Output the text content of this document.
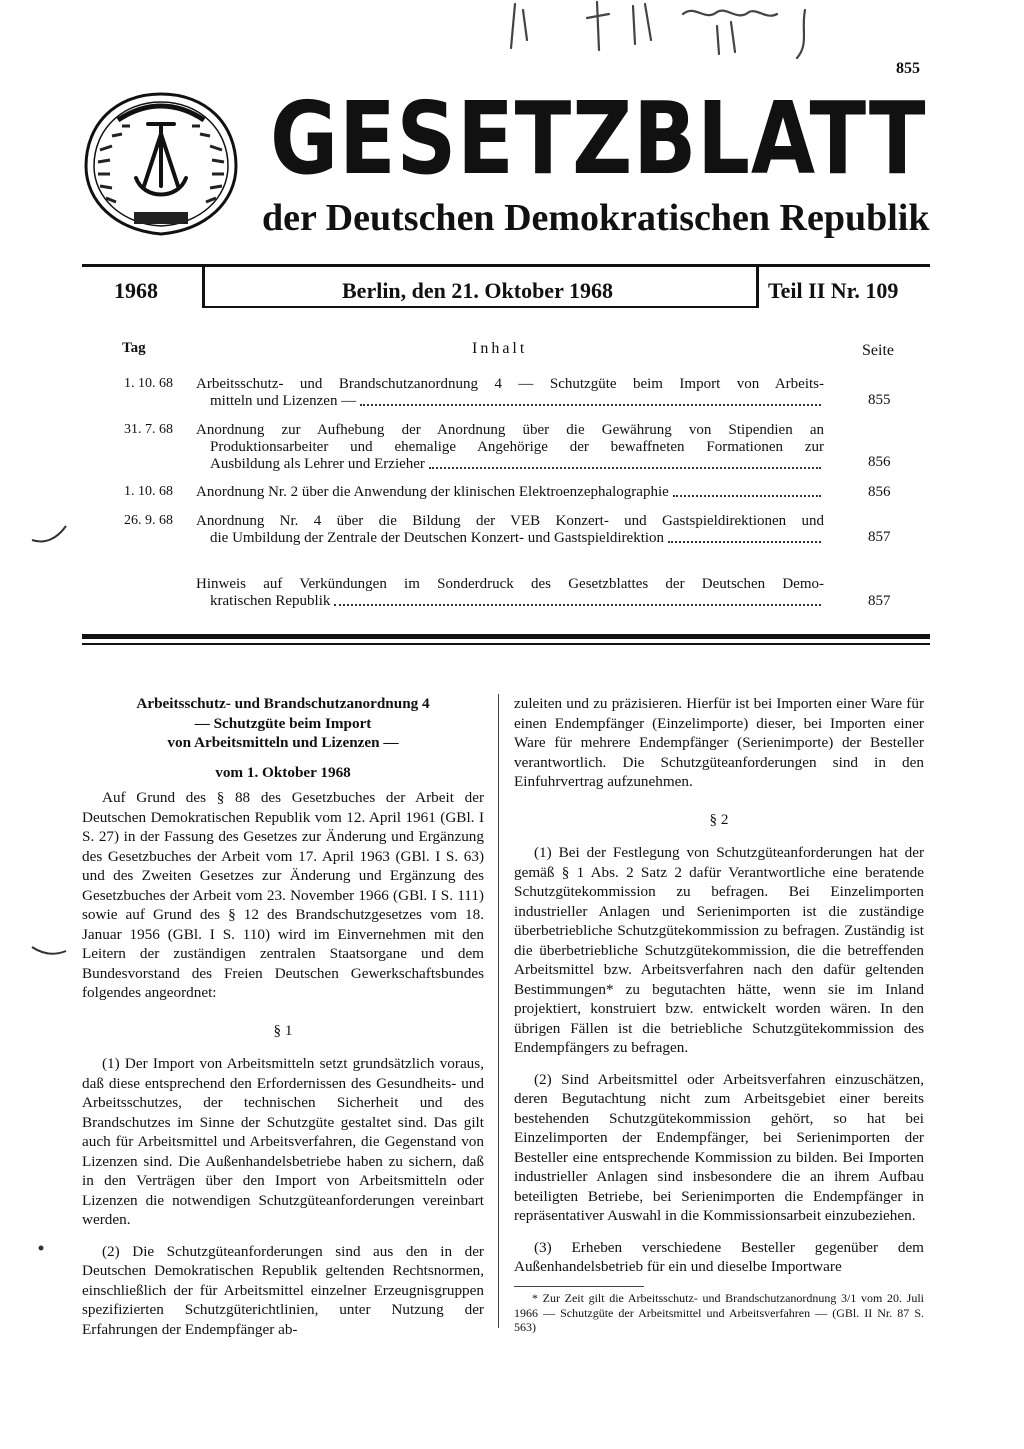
855
GESETZBLATT
der Deutschen Demokratischen Republik
1968	Berlin, den 21. Oktober 1968	Teil II Nr. 109
Tag	Inhalt	Seite
1. 10. 68 Arbeitsschutz- und Brandschutzanordnung 4 — Schutzgüte beim Import von Arbeits-
mitteln und Lizenzen —	855
31. 7. 68 Anordnung zur Aufhebung der Anordnung über die Gewährung von Stipendien an
Produktionsarbeiter und ehemalige Angehörige der bewaffneten Formationen zur
Ausbildung als Lehrer und Erzieher	856
1. 10. 68 Anordnung Nr. 2 über die Anwendung der klinischen Elektroenzephalographie	856
26. 9. 68 Anordnung Nr. 4 über die Bildung der VEB Konzert- und Gastspieldirektionen und
die Umbildung der Zentrale der Deutschen Konzert- und Gastspieldirektion	857
Hinweis auf Verkündungen im Sonderdruck des Gesetzblattes der Deutschen Demo-
kratischen Republik	857

Arbeitsschutz- und Brandschutzanordnung 4

— Schutzgüte beim Import

von Arbeitsmitteln und Lizenzen —

vom 1. Oktober 1968

Auf Grund des § 88 des Gesetzbuches der Arbeit der Deutschen Demokratischen Republik vom 12. April 1961 (GBl. I S. 27) in der Fassung des Gesetzes zur Änderung und Ergänzung des Gesetzbuches der Arbeit vom 17. April 1963 (GBl. I S. 63) und des Zweiten Gesetzes zur Änderung und Ergänzung des Gesetzbuches der Arbeit vom 23. November 1966 (GBl. I S. 111) sowie auf Grund des § 12 des Brandschutzgesetzes vom 18. Januar 1956 (GBl. I S. 110) wird im Einvernehmen mit den Leitern der zuständigen zentralen Staatsorgane und dem Bundesvorstand des Freien Deutschen Gewerkschaftsbundes folgendes angeordnet:

§ 1

(1) Der Import von Arbeitsmitteln setzt grundsätzlich voraus, daß diese entsprechend den Erfordernissen des Gesundheits- und Arbeitsschutzes, der technischen Sicherheit und des Brandschutzes im Sinne der Schutzgüte gestaltet sind. Das gilt auch für Arbeitsmittel und Arbeitsverfahren, die Gegenstand von Lizenzen sind. Die Außenhandelsbetriebe haben zu sichern, daß in den Verträgen über den Import von Arbeitsmitteln oder Lizenzen die notwendigen Schutzgüteanforderungen vereinbart werden.

(2) Die Schutzgüteanforderungen sind aus den in der Deutschen Demokratischen Republik geltenden Rechtsnormen, einschließlich der für Arbeitsmittel einzelner Erzeugnisgruppen spezifizierten Schutzgüterichtlinien, unter Nutzung der Erfahrungen der Endempfänger ab-

zuleiten und zu präzisieren. Hierfür ist bei Importen einer Ware für einen Endempfänger (Einzelimporte) dieser, bei Importen einer Ware für mehrere Endempfänger (Serienimporte) der Besteller verantwortlich. Die Schutzgüteanforderungen sind in den Einfuhrvertrag aufzunehmen.

§ 2

(1) Bei der Festlegung von Schutzgüteanforderungen hat der gemäß § 1 Abs. 2 Satz 2 dafür Verantwortliche eine beratende Schutzgütekommission zu befragen. Bei Einzelimporten industrieller Anlagen und Serienimporten ist die zuständige überbetriebliche Schutzgütekommission zu befragen. Zuständig ist die überbetriebliche Schutzgütekommission, die die betreffenden Arbeitsmittel bzw. Arbeitsverfahren nach den dafür geltenden Bestimmungen* zu begutachten hätte, wenn sie im Inland projektiert, konstruiert bzw. entwickelt worden wären. In den übrigen Fällen ist die betriebliche Schutzgütekommission des Endempfängers zu befragen.

(2) Sind Arbeitsmittel oder Arbeitsverfahren einzuschätzen, deren Begutachtung nicht zum Arbeitsgebiet einer bereits bestehenden Schutzgütekommission gehört, so hat bei Einzelimporten der Endempfänger, bei Serienimporten der Besteller eine entsprechende Kommission zu bilden. Bei Importen industrieller Anlagen sind insbesondere die an ihrem Aufbau beteiligten Betriebe, bei Serienimporten die Endempfänger in repräsentativer Auswahl in die Kommissionsarbeit einzubeziehen.

(3) Erheben verschiedene Besteller gegenüber dem Außenhandelsbetrieb für ein und dieselbe Importware

* Zur Zeit gilt die Arbeitsschutz- und Brandschutzanordnung 3/1 vom 20. Juli 1966 — Schutzgüte der Arbeitsmittel und Arbeitsverfahren — (GBl. II Nr. 87 S. 563)
